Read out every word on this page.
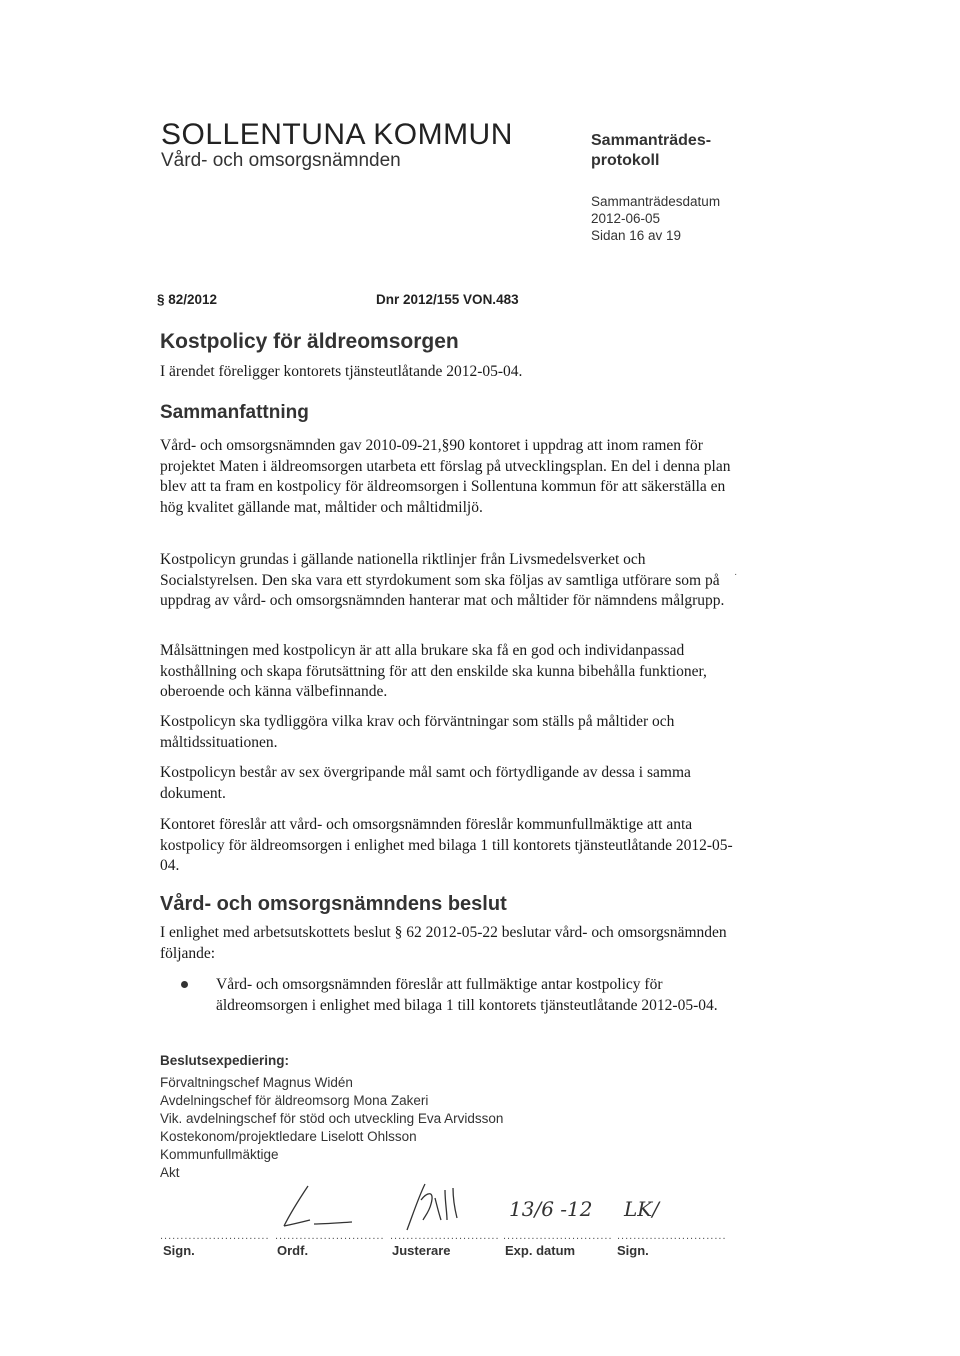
SOLLENTUNA KOMMUN
Vård- och omsorgsnämnden
Sammanträdes-
protokoll
Sammanträdesdatum
2012-06-05
Sidan 16 av 19
§ 82/2012	Dnr 2012/155 VON.483
Kostpolicy för äldreomsorgen

I ärendet föreligger kontorets tjänsteutlåtande 2012-05-04.

Sammanfattning

Vård- och omsorgsnämnden gav 2010-09-21,§90 kontoret i uppdrag att inom ramen för projektet Maten i äldreomsorgen utarbeta ett förslag på utvecklingsplan. En del i denna plan blev att ta fram en kostpolicy för äldreomsorgen i Sollentuna kommun för att säkerställa en hög kvalitet gällande mat, måltider och måltidmiljö.

Kostpolicyn grundas i gällande nationella riktlinjer från Livsmedelsverket och Socialstyrelsen. Den ska vara ett styrdokument som ska följas av samtliga utförare som på uppdrag av vård- och omsorgsnämnden hanterar mat och måltider för nämndens målgrupp.

·

Målsättningen med kostpolicyn är att alla brukare ska få en god och individanpassad kosthållning och skapa förutsättning för att den enskilde ska kunna bibehålla funktioner, oberoende och känna välbefinnande.

Kostpolicyn ska tydliggöra vilka krav och förväntningar som ställs på måltider och måltidssituationen.

Kostpolicyn består av sex övergripande mål samt och förtydligande av dessa i samma dokument.

Kontoret föreslår att vård- och omsorgsnämnden föreslår kommunfullmäktige att anta kostpolicy för äldreomsorgen i enlighet med bilaga 1 till kontorets tjänsteutlåtande 2012-05-04.

Vård- och omsorgsnämndens beslut

I enlighet med arbetsutskottets beslut § 62 2012-05-22 beslutar vård- och omsorgsnämnden följande:

Vård- och omsorgsnämnden föreslår att fullmäktige antar kostpolicy för äldreomsorgen i enlighet med bilaga 1 till kontorets tjänsteutlåtande 2012-05-04.
Beslutsexpediering:
Förvaltningschef Magnus Widén
Avdelningschef för äldreomsorg Mona Zakeri
Vik. avdelningschef för stöd och utveckling Eva Arvidsson
Kostekonom/projektledare Liselott Ohlsson
Kommunfullmäktige
Akt
13/6 -12 LK/
........................... ........................... ........................... ........................... ...........................
Sign.	Ordf.	Justerare	Exp. datum	Sign.
